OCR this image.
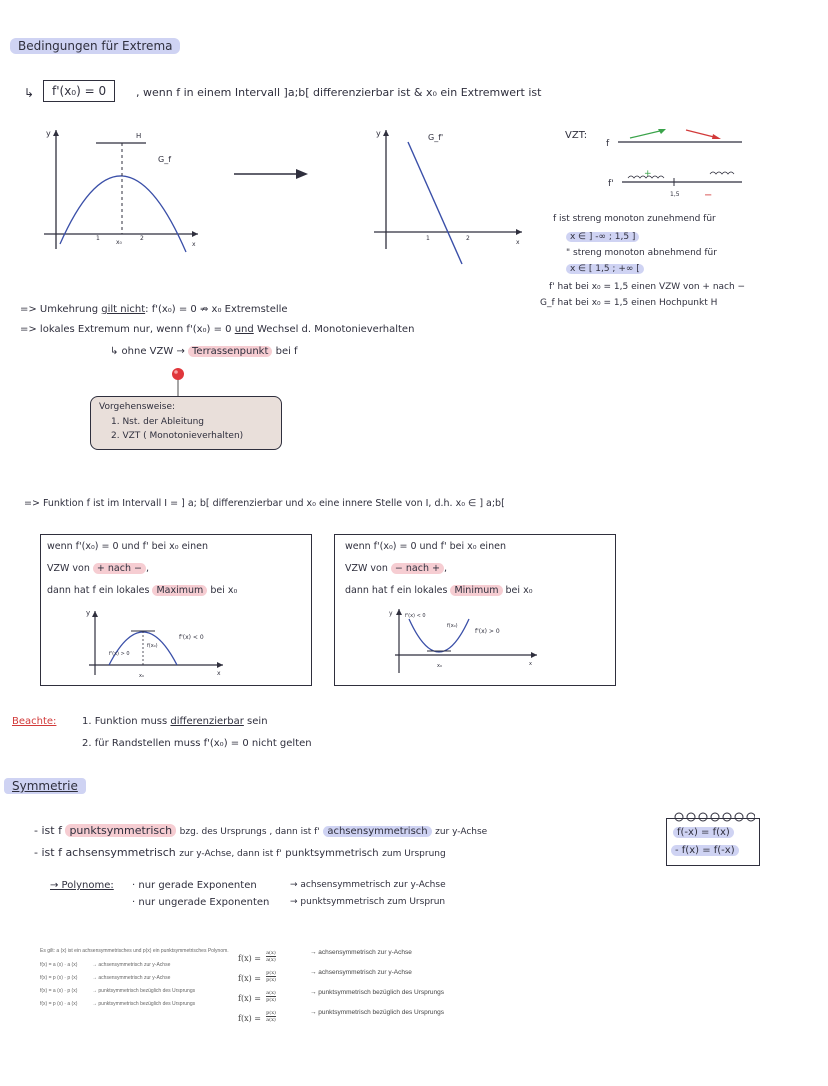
Bedingungen für Extrema
↳	f'(x₀) = 0	, wenn f in einem Intervall ]a;b[ differenzierbar ist & x₀ ein Extremwert ist
y	H
G_f
x₀
2
1
x
y	G_f'
2
1
x
VZT:
f
f'
+
−
1,5
f ist streng monoton zunehmend für
x ∈ ] -∞ ; 1,5 ]
" streng monoton abnehmend für
x ∈ [ 1,5 ; +∞ [
f' hat bei x₀ = 1,5 einen VZW von + nach −
G_f hat bei x₀ = 1,5 einen Hochpunkt H
=> Umkehrung gilt nicht: f'(x₀) = 0 ⇏ x₀ Extremstelle
=> lokales Extremum nur, wenn f'(x₀) = 0 und Wechsel d. Monotonieverhalten
↳ ohne VZW → Terrassenpunkt bei f
Vorgehensweise:
1. Nst. der Ableitung
2. VZT ( Monotonieverhalten)
=> Funktion f ist im Intervall I = ] a; b[ differenzierbar und x₀ eine innere Stelle von I, d.h. x₀ ∈ ] a;b[
wenn f'(x₀) = 0 und f' bei x₀ einen
VZW von + nach − ,
dann hat f ein lokales Maximum bei x₀
y
x
f(x₀)
f'(x) > 0
f'(x) < 0
x₀
wenn f'(x₀) = 0 und f' bei x₀ einen
VZW von − nach + ,
dann hat f ein lokales Minimum bei x₀
y
x
f(x₀)
f'(x) < 0
f'(x) > 0
x₀
Beachte:	1. Funktion muss differenzierbar sein
2. für Randstellen muss f'(x₀) = 0 nicht gelten
Symmetrie
- ist f punktsymmetrisch bzg. des Ursprungs , dann ist f' achsensymmetrisch zur y-Achse
- ist f achsensymmetrisch zur y-Achse, dann ist f' punktsymmetrisch zum Ursprung
f(-x) = f(x)
- f(x) = f(-x)
→ Polynome: · nur gerade Exponenten	→ achsensymmetrisch zur y-Achse
· nur ungerade Exponenten → punktsymmetrisch zum Ursprun
Es gilt: a (x) ist ein achsensymmetrisches und p(x) ein punktsymmetrisches Polynom.
f(x) = a (x) · a (x)	→ achsensymmetrisch zur y-Achse
f(x) = p (x) · p (x)	→ achsensymmetrisch zur y-Achse
f(x) = a (x) · p (x)	→ punktsymmetrisch bezüglich des Ursprungs
f(x) = p (x) · a (x)	→ punktsymmetrisch bezüglich des Ursprungs
$f(x) = \frac{a(x)}{a(x)}$	→ achsensymmetrisch zur y-Achse
$f(x) = \frac{p(x)}{p(x)}$	→ achsensymmetrisch zur y-Achse
$f(x) = \frac{a(x)}{p(x)}$	→ punktsymmetrisch bezüglich des Ursprungs
$f(x) = \frac{p(x)}{a(x)}$	→ punktsymmetrisch bezüglich des Ursprungs
